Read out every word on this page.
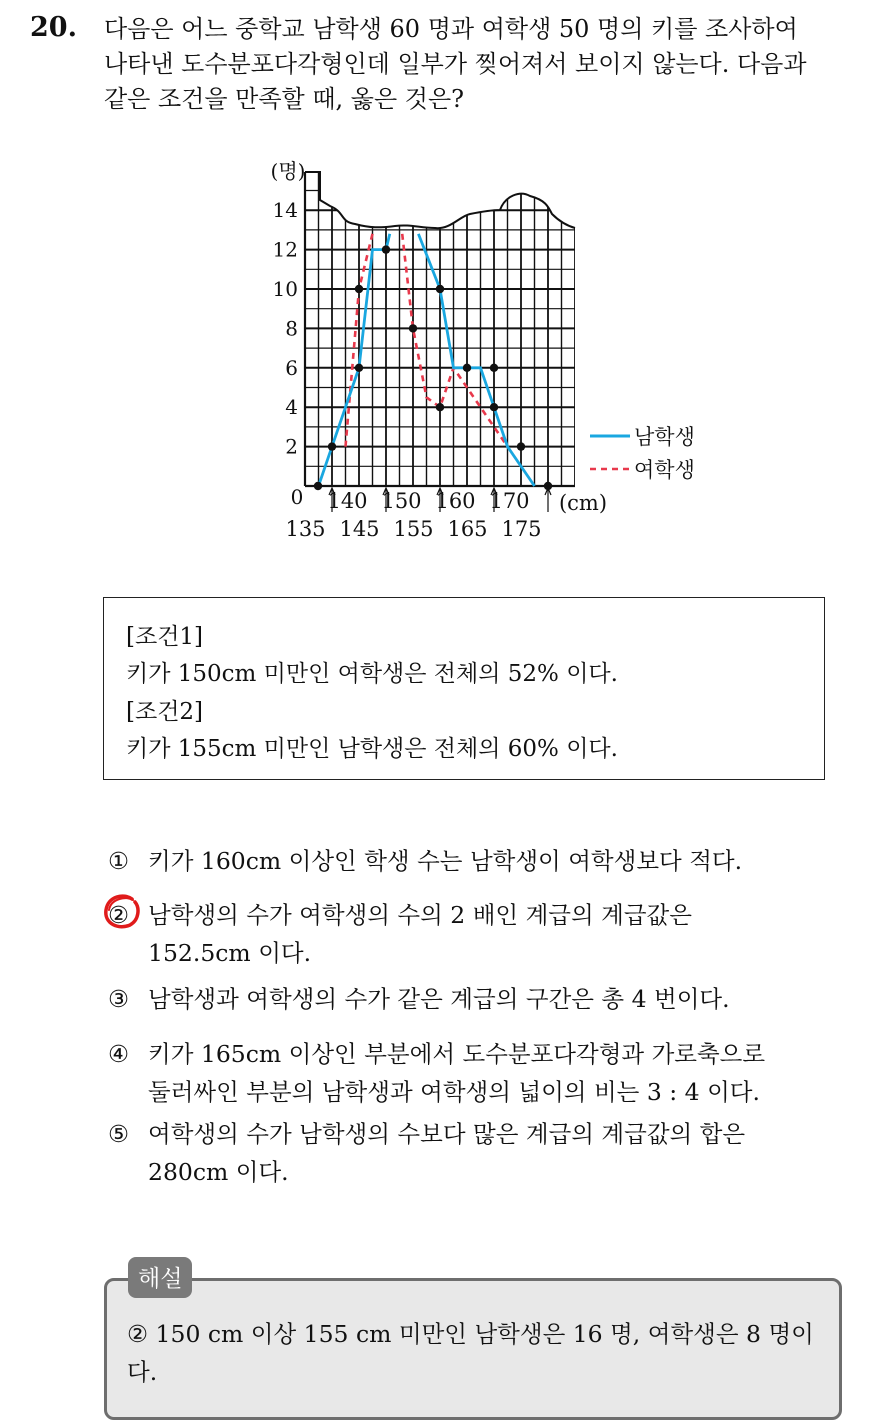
20. 다음은 어느 중학교 남학생 60 명과 여학생 50 명의 키를 조사하여
나타낸 도수분포다각형인데 일부가 찢어져서 보이지 않는다. 다음과
같은 조건을 만족할 때, 옳은 것은?
14
12
10
8
6
4
2
(명)
0 140 150 160 170 (cm)
135 145 155 165 175
남학생
여학생
[조건1]
키가 150cm 미만인 여학생은 전체의 52% 이다.
[조건2]
키가 155cm 미만인 남학생은 전체의 60% 이다.
① 키가 160cm 이상인 학생 수는 남학생이 여학생보다 적다.
② 남학생의 수가 여학생의 수의 2 배인 계급의 계급값은
152.5cm 이다.
③ 남학생과 여학생의 수가 같은 계급의 구간은 총 4 번이다.
④ 키가 165cm 이상인 부분에서 도수분포다각형과 가로축으로
둘러싸인 부분의 남학생과 여학생의 넓이의 비는 3 : 4 이다.
⑤ 여학생의 수가 남학생의 수보다 많은 계급의 계급값의 합은
280cm 이다.
② 150 cm 이상 155 cm 미만인 남학생은 16 명, 여학생은 8 명이다.
해설
